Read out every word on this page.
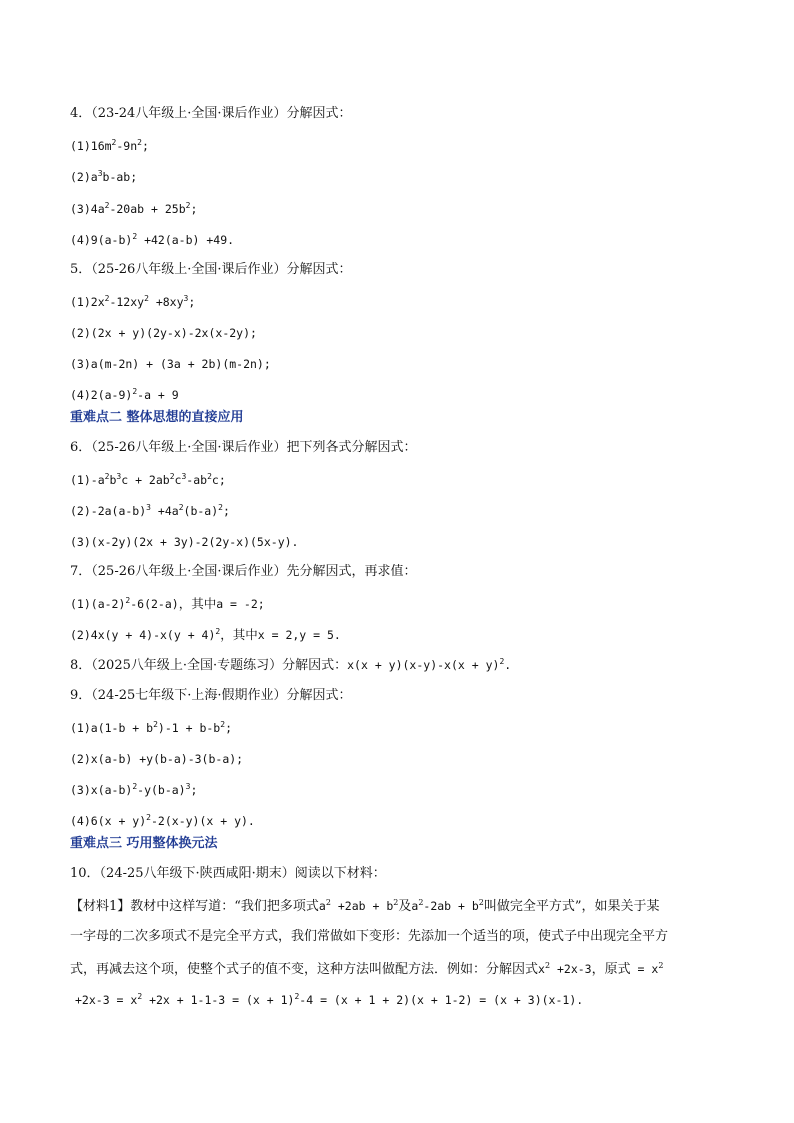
4．（23-24八年级上·全国·课后作业）分解因式：
$(1)16m^2-9n^2$;
$(2)a^3b-ab$;
$(3)4a^2-20ab + 25b^2$;
$(4)9(a-b)^2 +42(a-b) +49$.
5．（25-26八年级上·全国·课后作业）分解因式：
$(1)2x^2-12xy^2 +8xy^3$;
(2)(2x + y)(2y-x)-2x(x-2y);
(3)a(m-2n) + (3a + 2b)(m-2n);
$(4)2(a-9)^2-a + 9$
重难点二 整体思想的直接应用
6．（25-26八年级上·全国·课后作业）把下列各式分解因式：
$(1)-a^2b^3c + 2ab^2c^3-ab^2c$;
$(2)-2a(a-b)^3 +4a^2(b-a)^2$;
(3)(x-2y)(2x + 3y)-2(2y-x)(5x-y).
7．（25-26八年级上·全国·课后作业）先分解因式，再求值：
$(1)(a-2)^2-6(2-a)$，其中a = -2;
$(2)4x(y + 4)-x(y + 4)^2$，其中x = 2,y = 5.
8．（2025八年级上·全国·专题练习）分解因式：$x(x + y)(x-y)-x(x + y)^2$.
9．（24-25七年级下·上海·假期作业）分解因式：
$(1)a(1-b + b^2)-1 + b-b^2$;
(2)x(a-b) +y(b-a)-3(b-a);
$(3)x(a-b)^2-y(b-a)^3$;
$(4)6(x + y)^2-2(x-y)(x + y)$.
重难点三 巧用整体换元法
10．（24-25八年级下·陕西咸阳·期末）阅读以下材料：
【材料1】教材中这样写道：“我们把多项式$a^2 +2ab + b^2$及$a^2-2ab + b^2$叫做完全平方式”，如果关于某
一字母的二次多项式不是完全平方式，我们常做如下变形：先添加一个适当的项，使式子中出现完全平方
式，再减去这个项，使整个式子的值不变，这种方法叫做配方法．例如：分解因式$x^2 +2x-3$，原式 = $x^2$
$+2x-3 = x^2 +2x + 1-1-3 = (x + 1)^2-4 = (x + 1 + 2)(x + 1-2) = (x + 3)(x-1)$.
